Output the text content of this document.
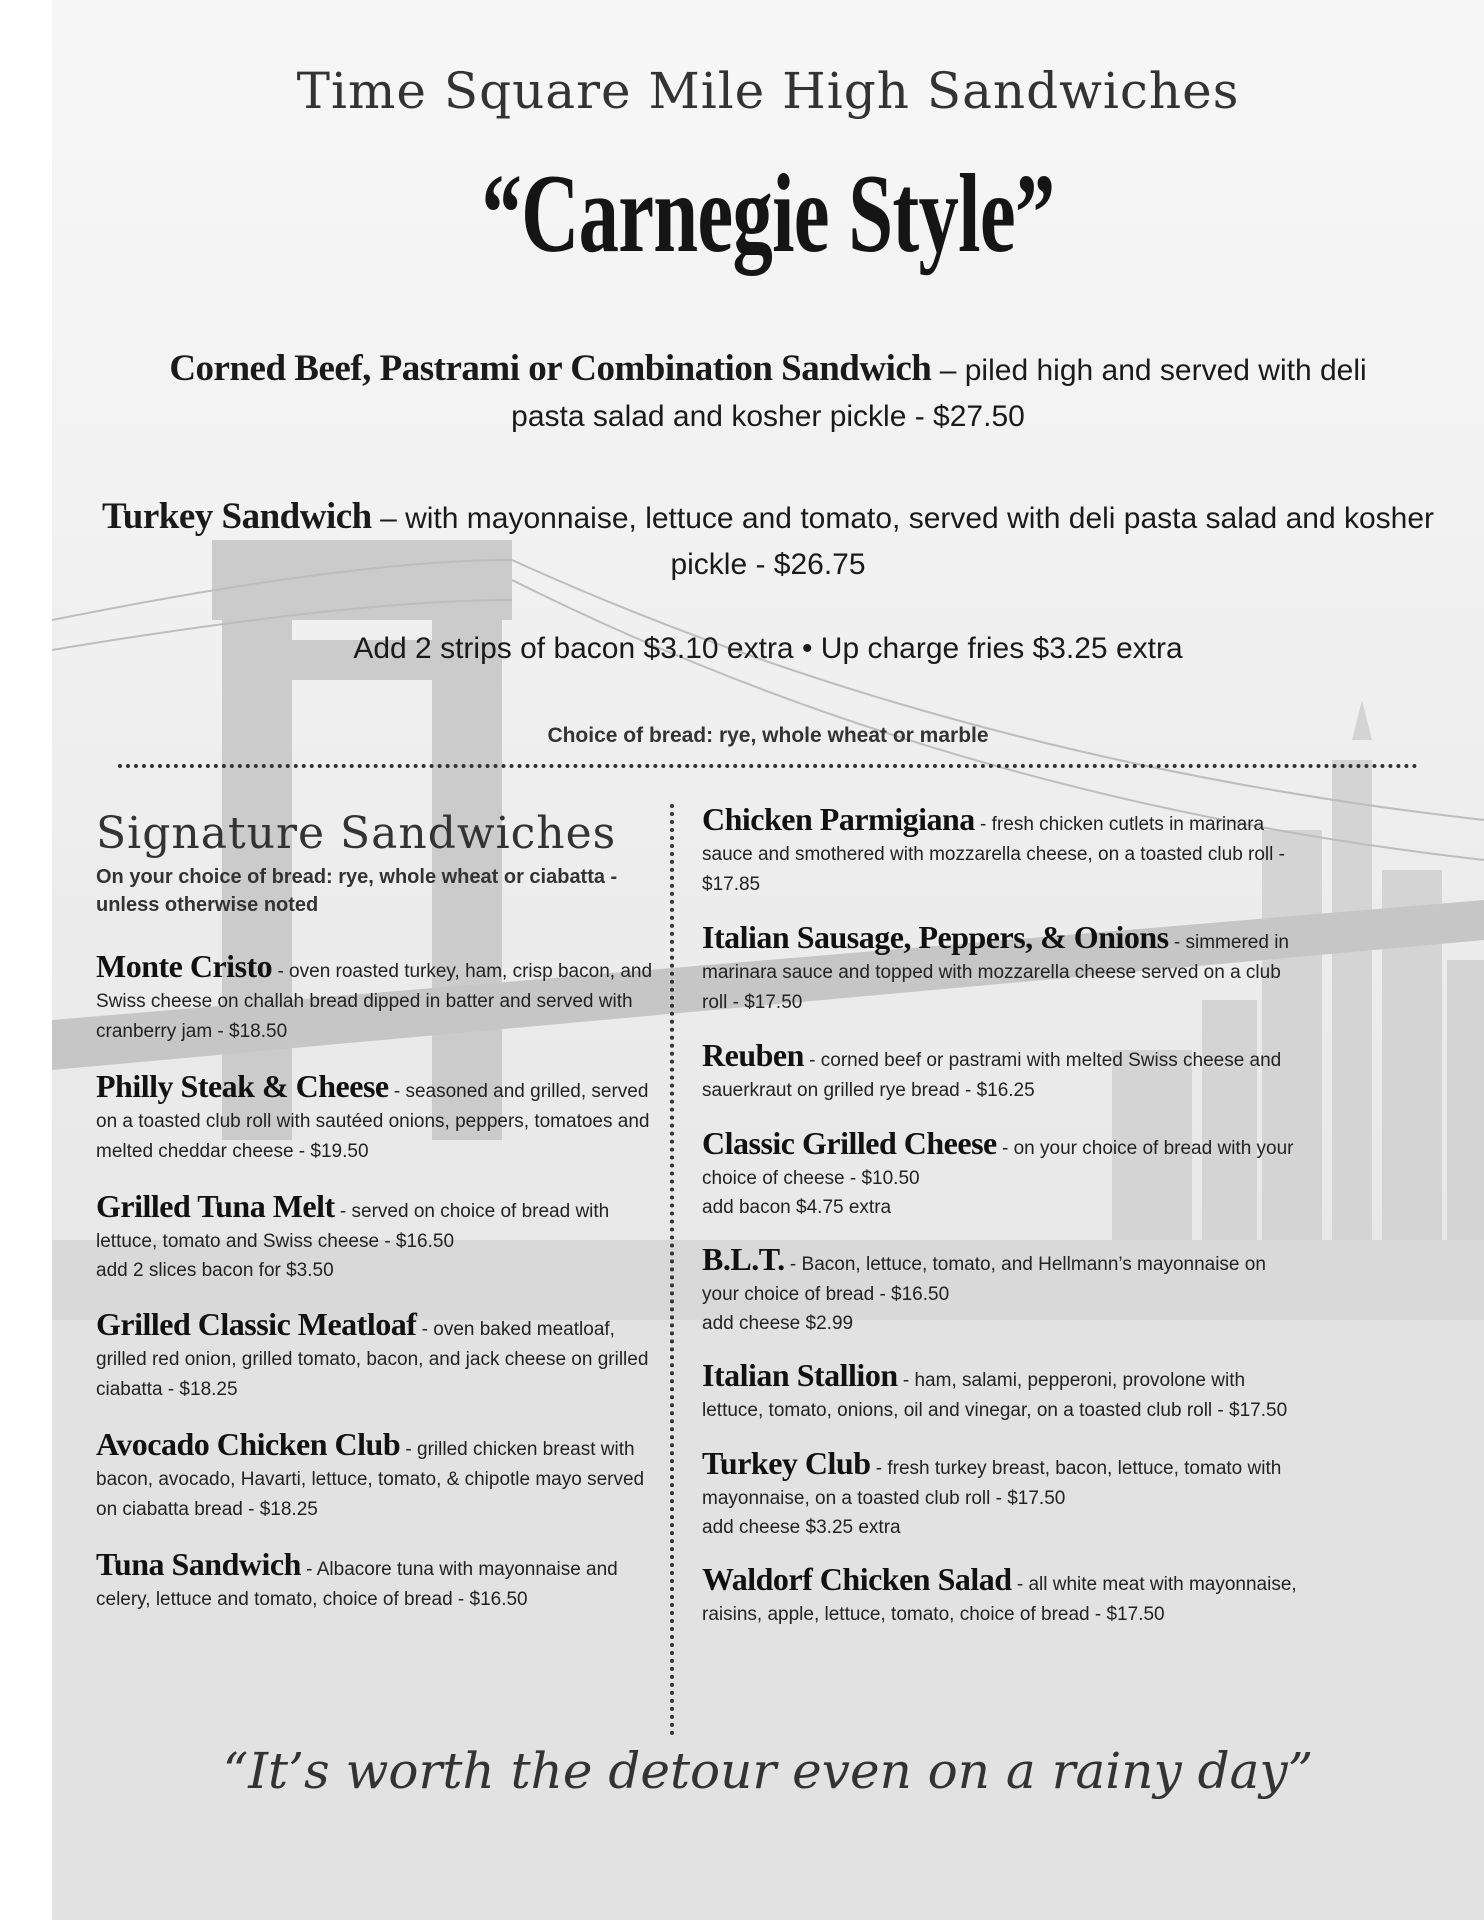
Time Square Mile High Sandwiches
“Carnegie Style”
Corned Beef, Pastrami or Combination Sandwich – piled high and served with deli pasta salad and kosher pickle - $27.50
Turkey Sandwich – with mayonnaise, lettuce and tomato, served with deli pasta salad and kosher pickle - $26.75
Add 2 strips of bacon $3.10 extra • Up charge fries $3.25 extra
Choice of bread: rye, whole wheat or marble
Signature Sandwiches
On your choice of bread: rye, whole wheat or ciabatta - unless otherwise noted
Monte Cristo - oven roasted turkey, ham, crisp bacon, and Swiss cheese on challah bread dipped in batter and served with cranberry jam - $18.50
Philly Steak & Cheese - seasoned and grilled, served on a toasted club roll with sautéed onions, peppers, tomatoes and melted cheddar cheese - $19.50
Grilled Tuna Melt - served on choice of bread with lettuce, tomato and Swiss cheese - $16.50
add 2 slices bacon for $3.50
Grilled Classic Meatloaf - oven baked meatloaf, grilled red onion, grilled tomato, bacon, and jack cheese on grilled ciabatta - $18.25
Avocado Chicken Club - grilled chicken breast with bacon, avocado, Havarti, lettuce, tomato, & chipotle mayo served on ciabatta bread - $18.25
Tuna Sandwich - Albacore tuna with mayonnaise and celery, lettuce and tomato, choice of bread - $16.50
Chicken Parmigiana - fresh chicken cutlets in marinara sauce and smothered with mozzarella cheese, on a toasted club roll - $17.85
Italian Sausage, Peppers, & Onions - simmered in marinara sauce and topped with mozzarella cheese served on a club roll - $17.50
Reuben - corned beef or pastrami with melted Swiss cheese and sauerkraut on grilled rye bread - $16.25
Classic Grilled Cheese - on your choice of bread with your choice of cheese - $10.50
add bacon $4.75 extra
B.L.T. - Bacon, lettuce, tomato, and Hellmann’s mayonnaise on your choice of bread - $16.50
add cheese $2.99
Italian Stallion - ham, salami, pepperoni, provolone with lettuce, tomato, onions, oil and vinegar, on a toasted club roll - $17.50
Turkey Club - fresh turkey breast, bacon, lettuce, tomato with mayonnaise, on a toasted club roll - $17.50
add cheese $3.25 extra
Waldorf Chicken Salad - all white meat with mayonnaise, raisins, apple, lettuce, tomato, choice of bread - $17.50
“It’s worth the detour even on a rainy day”
